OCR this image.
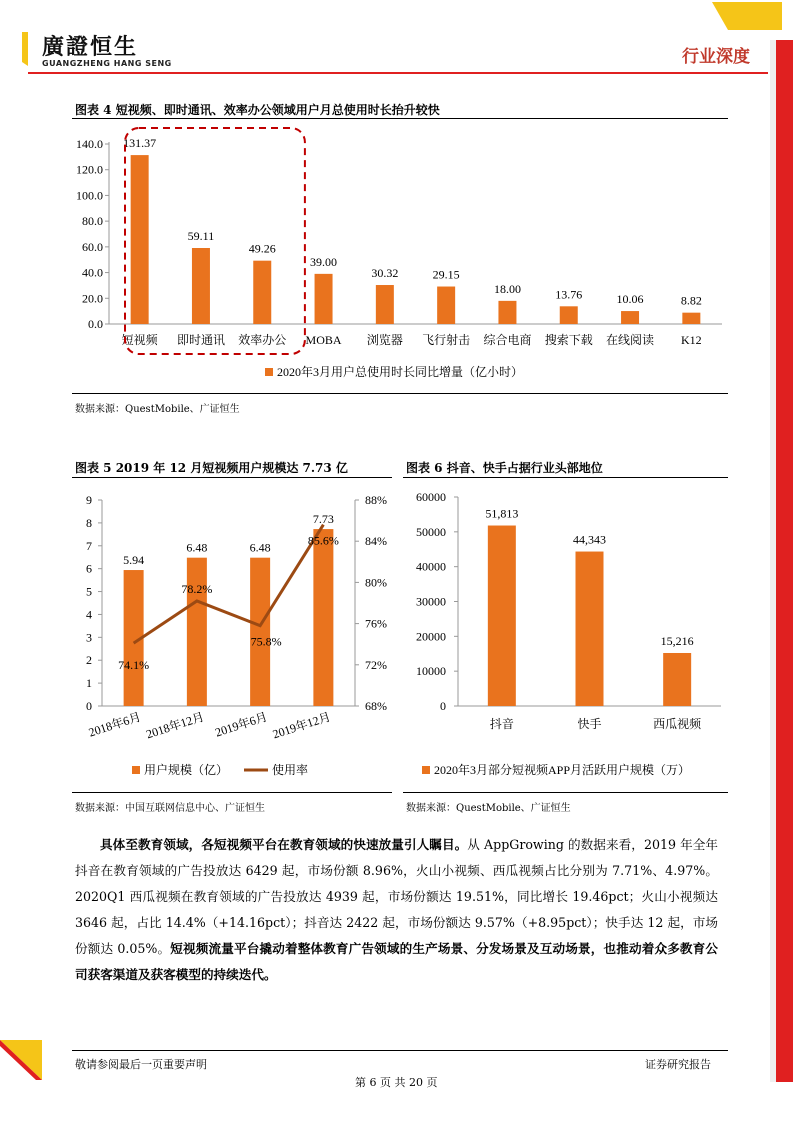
廣證恒生
GUANGZHENG HANG SENG	行业深度
图表 4 短视频、即时通讯、效率办公领域用户月总使用时长抬升较快
0.0
20.0
40.0
60.0
80.0
100.0
120.0
140.0 131.37
短视频
59.11
即时通讯
49.26
效率办公
39.00
MOBA
30.32
浏览器
29.15
飞行射击
18.00
综合电商
13.76
搜索下载
10.06
在线阅读
8.82
K12
2020年3月用户总使用时长同比增量（亿小时）
数据来源：QuestMobile、广证恒生
图表 5 2019 年 12 月短视频用户规模达 7.73 亿
0
1
2
3
4
5
6
7
8
9
68%
72%
76%
80%
84%
88%
5.94
2018年6月
6.48
2018年12月
6.48
2019年6月
7.73
2019年12月
74.1%
78.2%
75.8%
85.6%
用户规模（亿）	使用率
数据来源：中国互联网信息中心、广证恒生
图表 6 抖音、快手占据行业头部地位
0
10000
20000
30000
40000
50000
60000
51,813
抖音
44,343
快手
15,216
西瓜视频
2020年3月部分短视频APP月活跃用户规模（万）
数据来源：QuestMobile、广证恒生
具体至教育领域，各短视频平台在教育领域的快速放量引人瞩目。从 AppGrowing 的数据来看，2019 年全年抖音在教育领域的广告投放达 6429 起，市场份额 8.96%，火山小视频、西瓜视频占比分别为 7.71%、4.97%。2020Q1 西瓜视频在教育领域的广告投放达 4939 起，市场份额达 19.51%，同比增长 19.46pct；火山小视频达 3646 起，占比 14.4%（+14.16pct）；抖音达 2422 起，市场份额达 9.57%（+8.95pct）；快手达 12 起，市场份额达 0.05%。短视频流量平台撬动着整体教育广告领域的生产场景、分发场景及互动场景，也推动着众多教育公司获客渠道及获客模型的持续迭代。
敬请参阅最后一页重要声明	证券研究报告
第 6 页 共 20 页
